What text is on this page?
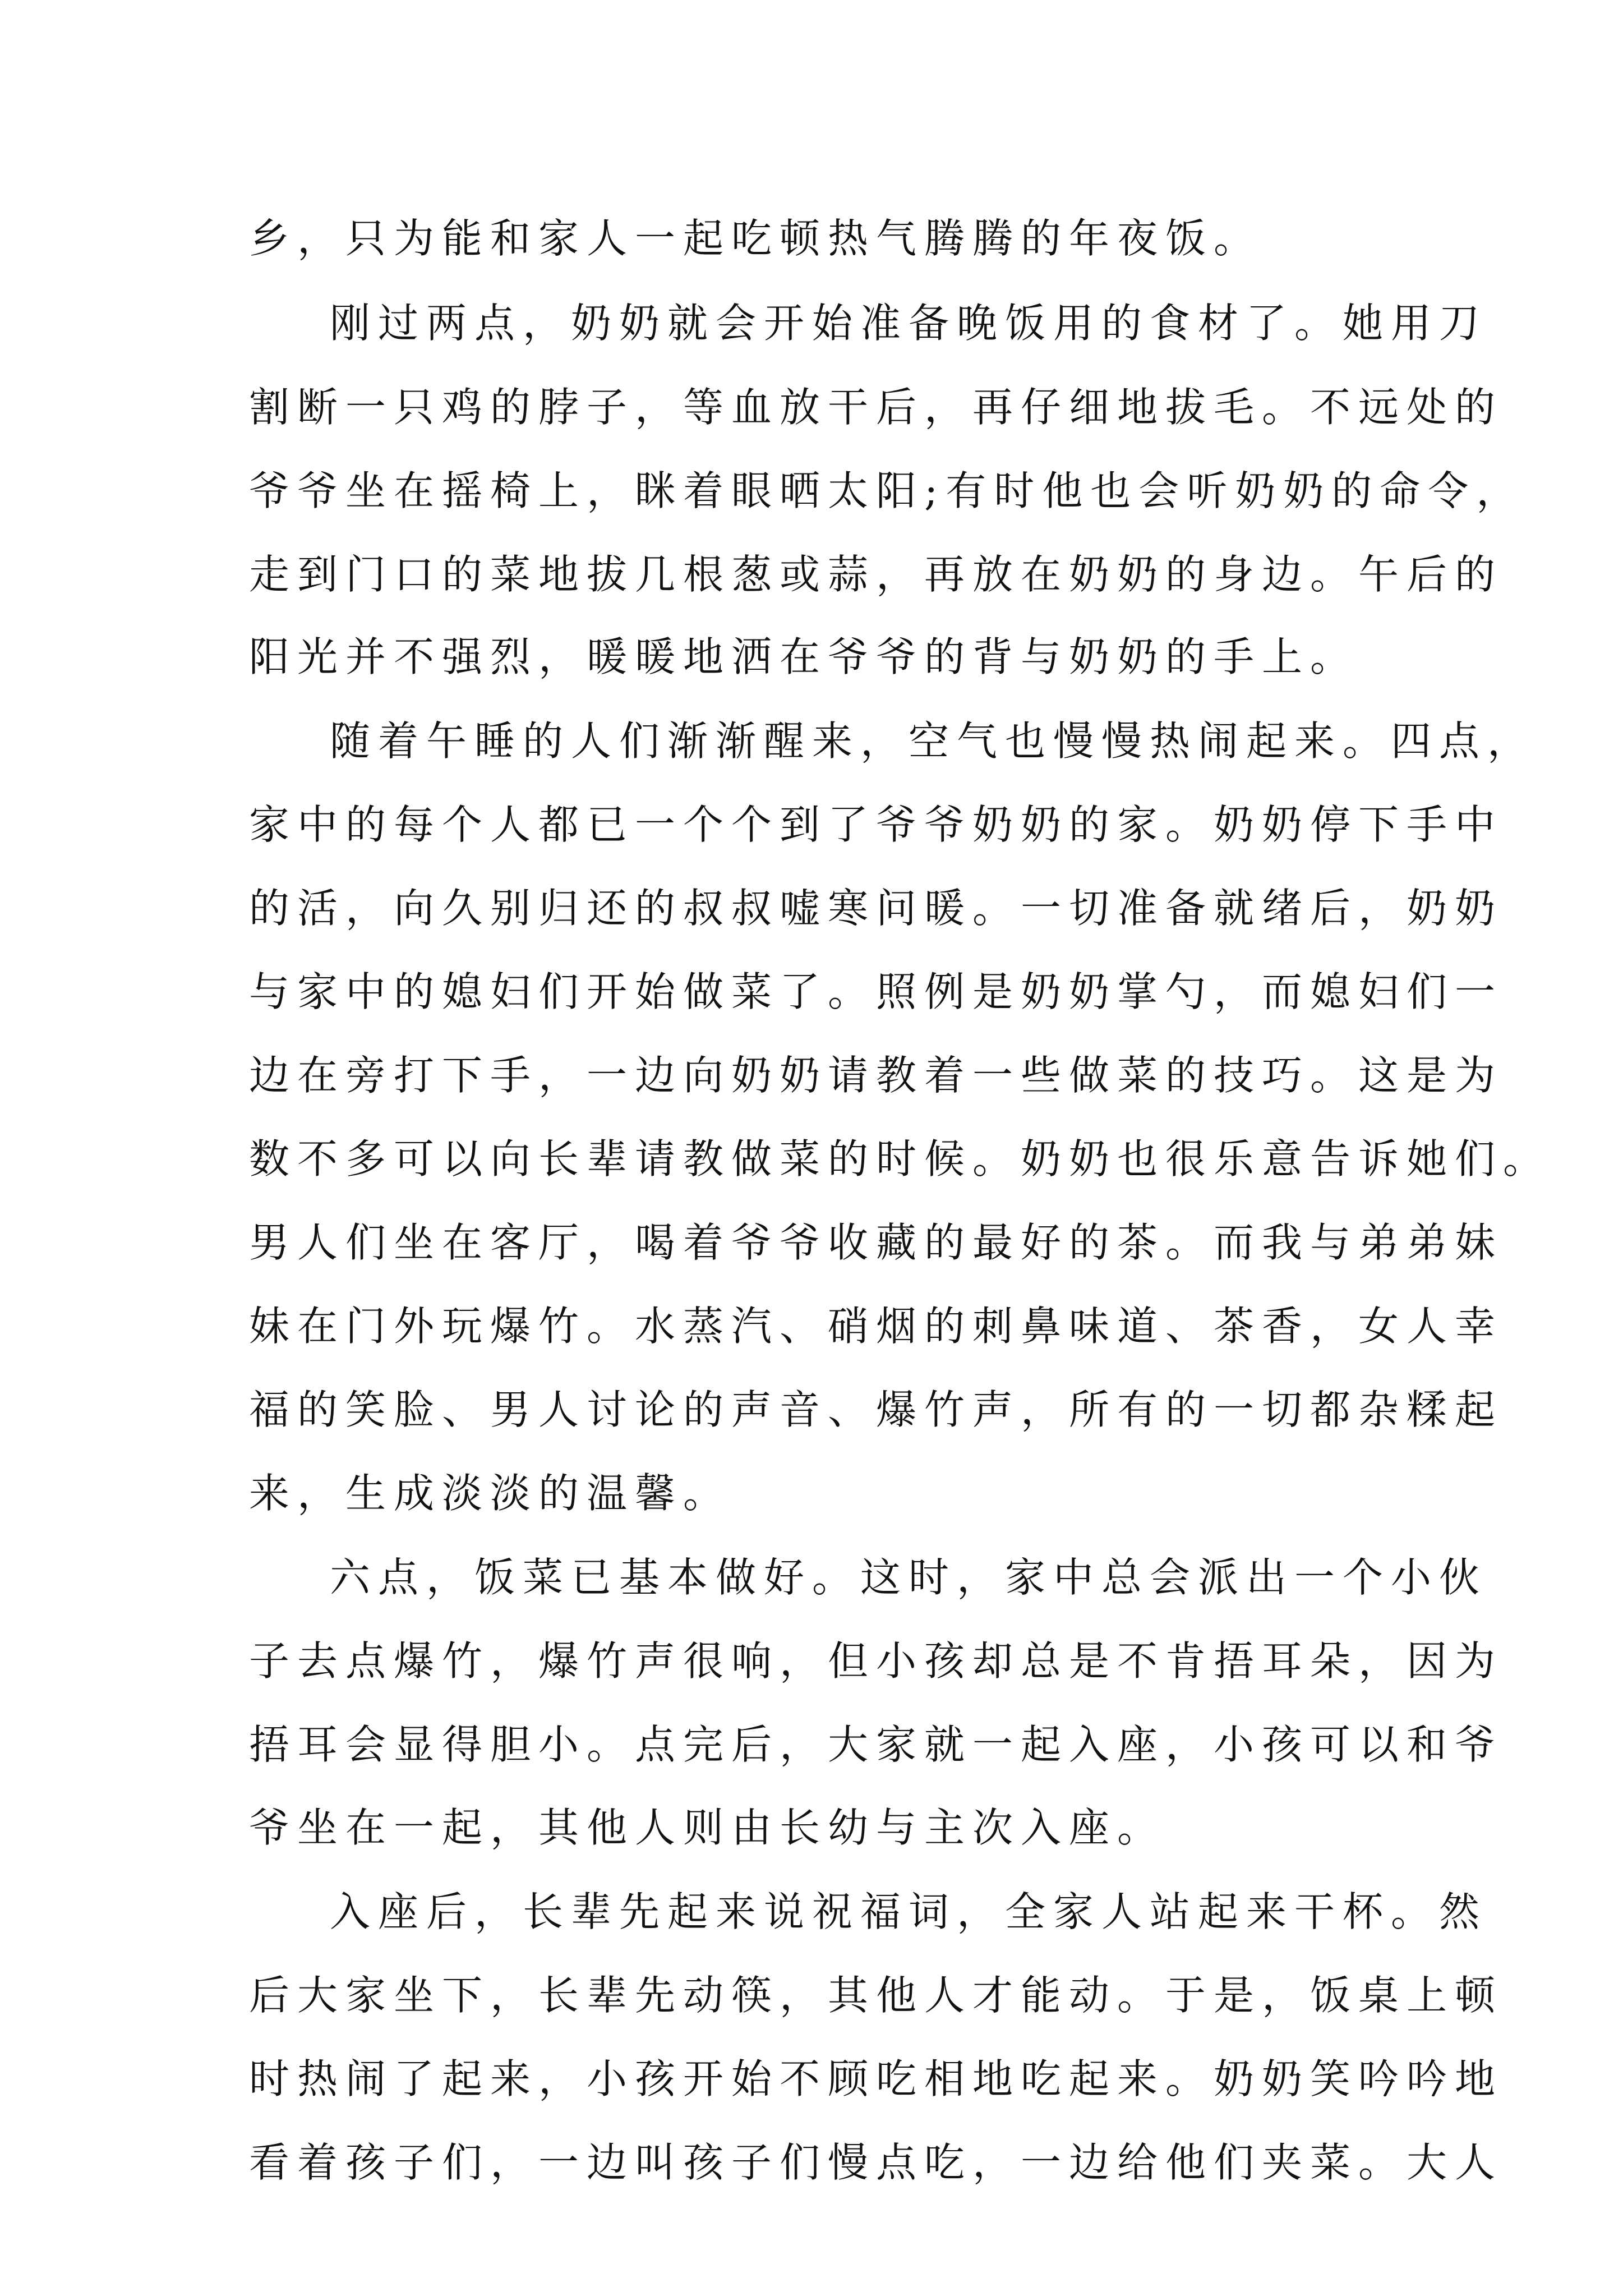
乡，只为能和家人一起吃顿热气腾腾的年夜饭。

刚过两点，奶奶就会开始准备晚饭用的食材了。她用刀

割断一只鸡的脖子，等血放干后，再仔细地拔毛。不远处的

爷爷坐在摇椅上，眯着眼晒太阳;有时他也会听奶奶的命令，

走到门口的菜地拔几根葱或蒜，再放在奶奶的身边。午后的

阳光并不强烈，暖暖地洒在爷爷的背与奶奶的手上。

随着午睡的人们渐渐醒来，空气也慢慢热闹起来。四点，

家中的每个人都已一个个到了爷爷奶奶的家。奶奶停下手中

的活，向久别归还的叔叔嘘寒问暖。一切准备就绪后，奶奶

与家中的媳妇们开始做菜了。照例是奶奶掌勺，而媳妇们一

边在旁打下手，一边向奶奶请教着一些做菜的技巧。这是为

数不多可以向长辈请教做菜的时候。奶奶也很乐意告诉她们。

男人们坐在客厅，喝着爷爷收藏的最好的茶。而我与弟弟妹

妹在门外玩爆竹。水蒸汽、硝烟的刺鼻味道、茶香，女人幸

福的笑脸、男人讨论的声音、爆竹声，所有的一切都杂糅起

来，生成淡淡的温馨。

六点，饭菜已基本做好。这时，家中总会派出一个小伙

子去点爆竹，爆竹声很响，但小孩却总是不肯捂耳朵，因为

捂耳会显得胆小。点完后，大家就一起入座，小孩可以和爷

爷坐在一起，其他人则由长幼与主次入座。

入座后，长辈先起来说祝福词，全家人站起来干杯。然

后大家坐下，长辈先动筷，其他人才能动。于是，饭桌上顿

时热闹了起来，小孩开始不顾吃相地吃起来。奶奶笑吟吟地

看着孩子们，一边叫孩子们慢点吃，一边给他们夹菜。大人
